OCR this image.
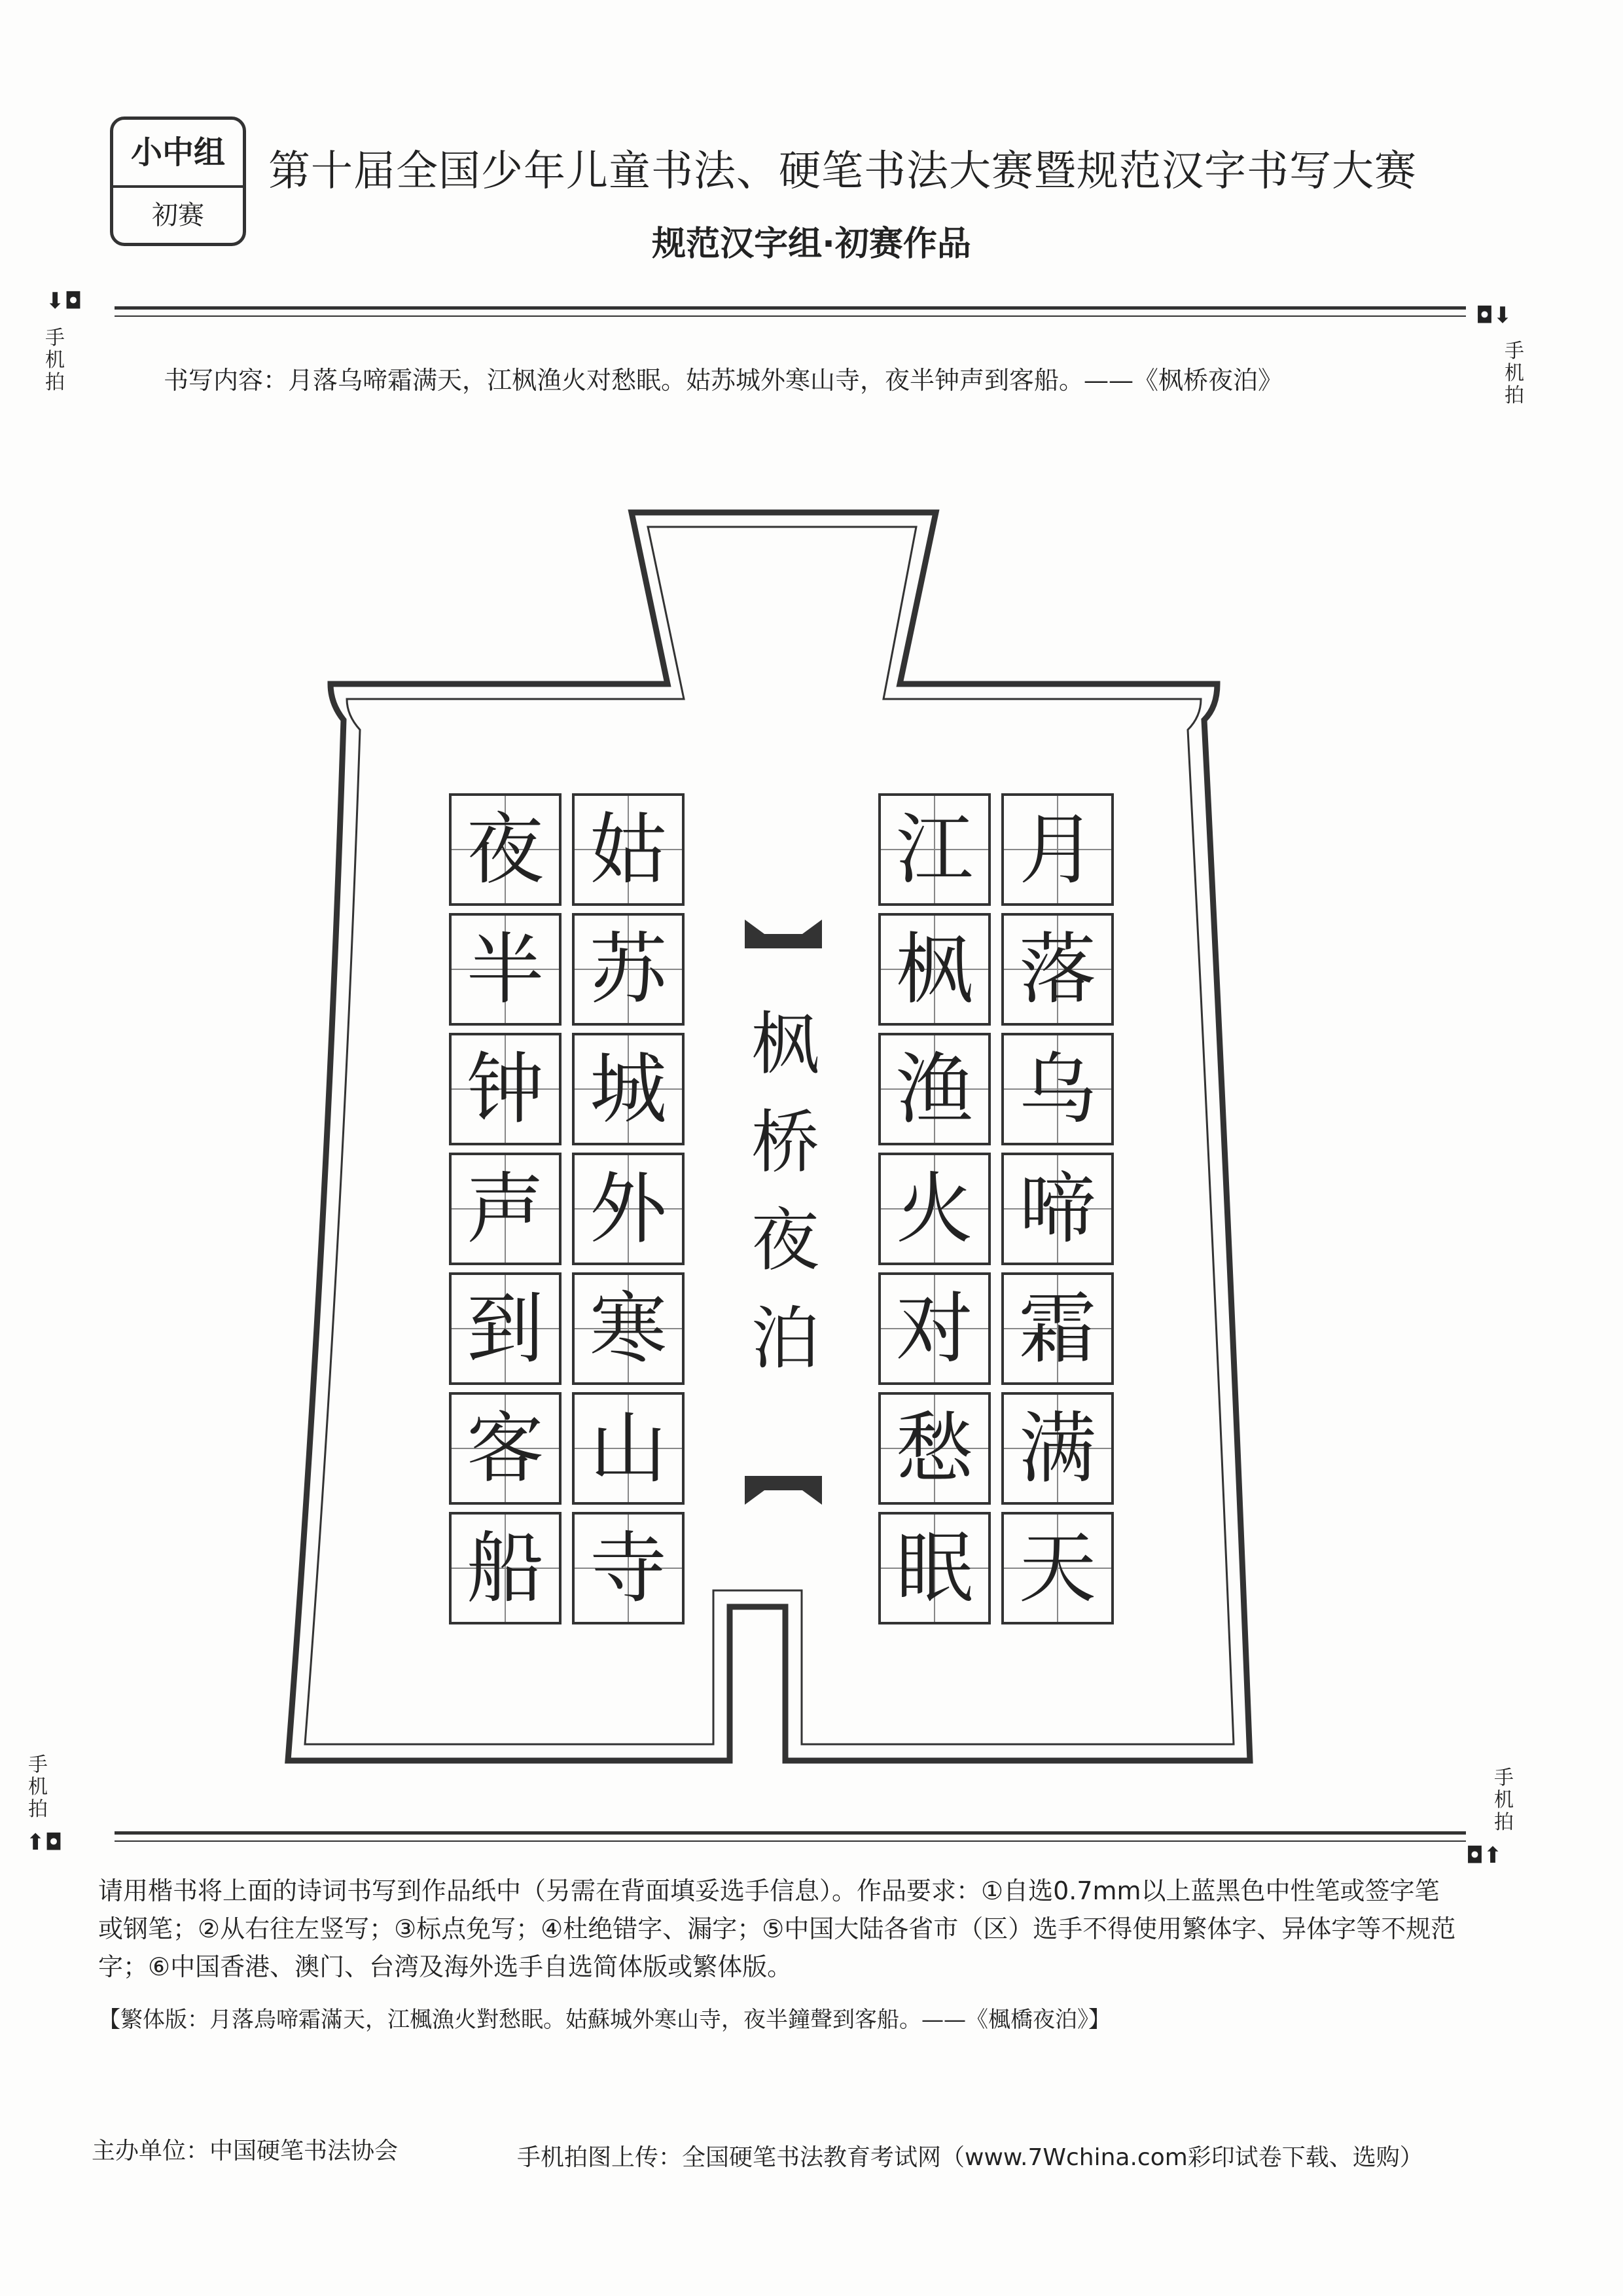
小中组
初赛
第十届全国少年儿童书法、硬笔书法大赛暨规范汉字书写大赛
规范汉字组·初赛作品
⬇◘
◘⬇
手机拍
手机拍
书写内容：月落乌啼霜满天，江枫渔火对愁眠。姑苏城外寒山寺，夜半钟声到客船。——《枫桥夜泊》
枫桥夜泊
月
落
乌
啼
霜
满
天
江
枫
渔
火
对
愁
眠
姑
苏
城
外
寒
山
寺
夜
半
钟
声
到
客
船
手机拍
⬆◘
手机拍
◘⬆
请用楷书将上面的诗词书写到作品纸中（另需在背面填妥选手信息）。作品要求：①自选0.7mm以上蓝黑色中性笔或签字笔或钢笔；②从右往左竖写；③标点免写；④杜绝错字、漏字；⑤中国大陆各省市（区）选手不得使用繁体字、异体字等不规范字；⑥中国香港、澳门、台湾及海外选手自选简体版或繁体版。
【繁体版：月落烏啼霜滿天，江楓漁火對愁眠。姑蘇城外寒山寺，夜半鐘聲到客船。——《楓橋夜泊》】
主办单位：中国硬笔书法协会	手机拍图上传：全国硬笔书法教育考试网（www.7Wchina.com彩印试卷下载、选购）
